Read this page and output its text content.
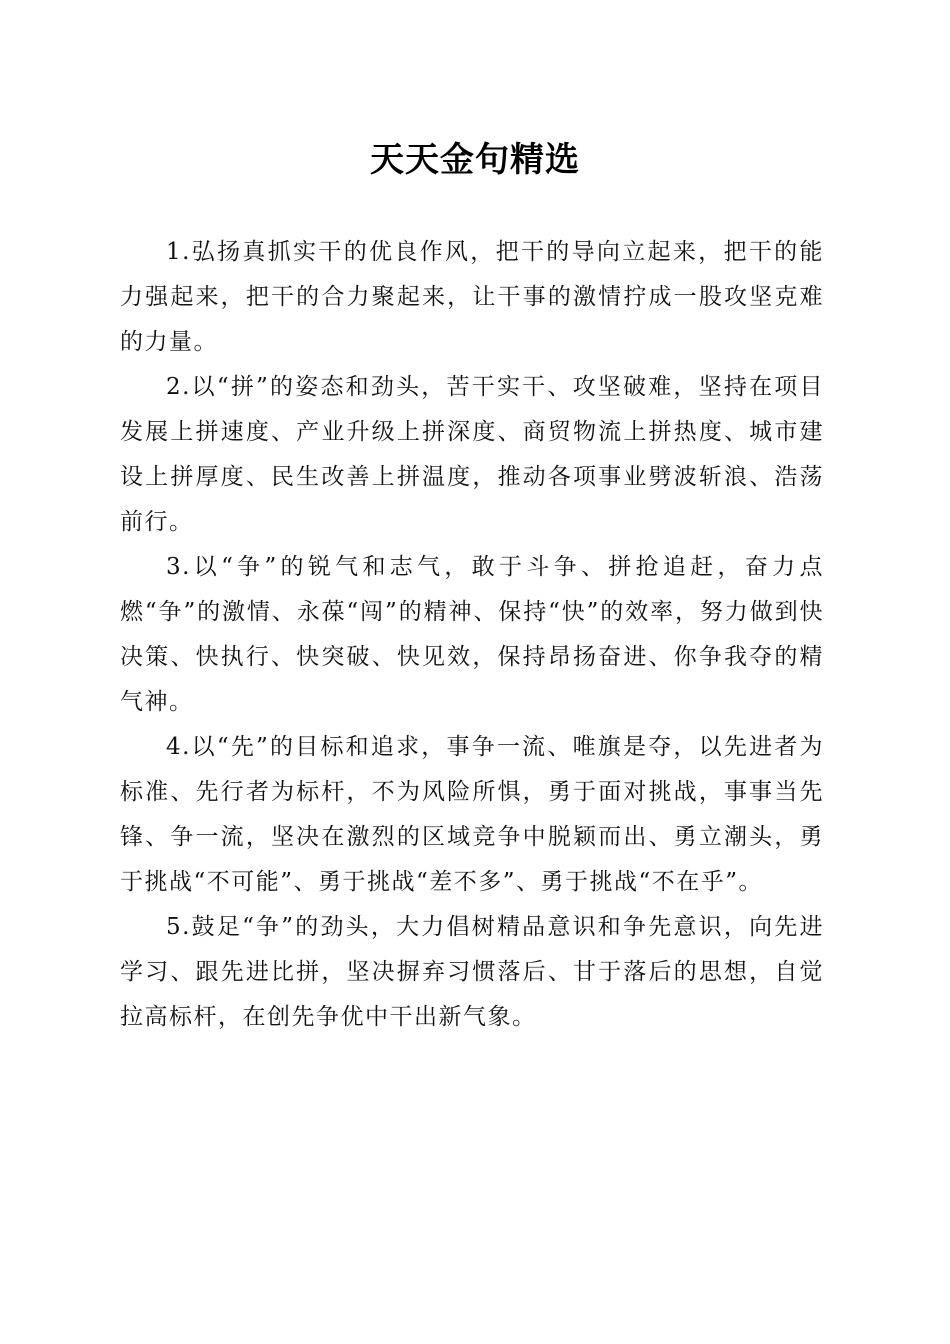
天天金句精选

1.弘扬真抓实干的优良作风，把干的导向立起来，把干的能力强起来，把干的合力聚起来，让干事的激情拧成一股攻坚克难的力量。

2.以“拼”的姿态和劲头，苦干实干、攻坚破难，坚持在项目发展上拼速度、产业升级上拼深度、商贸物流上拼热度、城市建设上拼厚度、民生改善上拼温度，推动各项事业劈波斩浪、浩荡前行。

3.以“争”的锐气和志气，敢于斗争、拼抢追赶，奋力点燃“争”的激情、永葆“闯”的精神、保持“快”的效率，努力做到快决策、快执行、快突破、快见效，保持昂扬奋进、你争我夺的精气神。

4.以“先”的目标和追求，事争一流、唯旗是夺，以先进者为标准、先行者为标杆，不为风险所惧，勇于面对挑战，事事当先锋、争一流，坚决在激烈的区域竞争中脱颖而出、勇立潮头，勇于挑战“不可能”、勇于挑战“差不多”、勇于挑战“不在乎”。

5.鼓足“争”的劲头，大力倡树精品意识和争先意识，向先进学习、跟先进比拼，坚决摒弃习惯落后、甘于落后的思想，自觉拉高标杆，在创先争优中干出新气象。
